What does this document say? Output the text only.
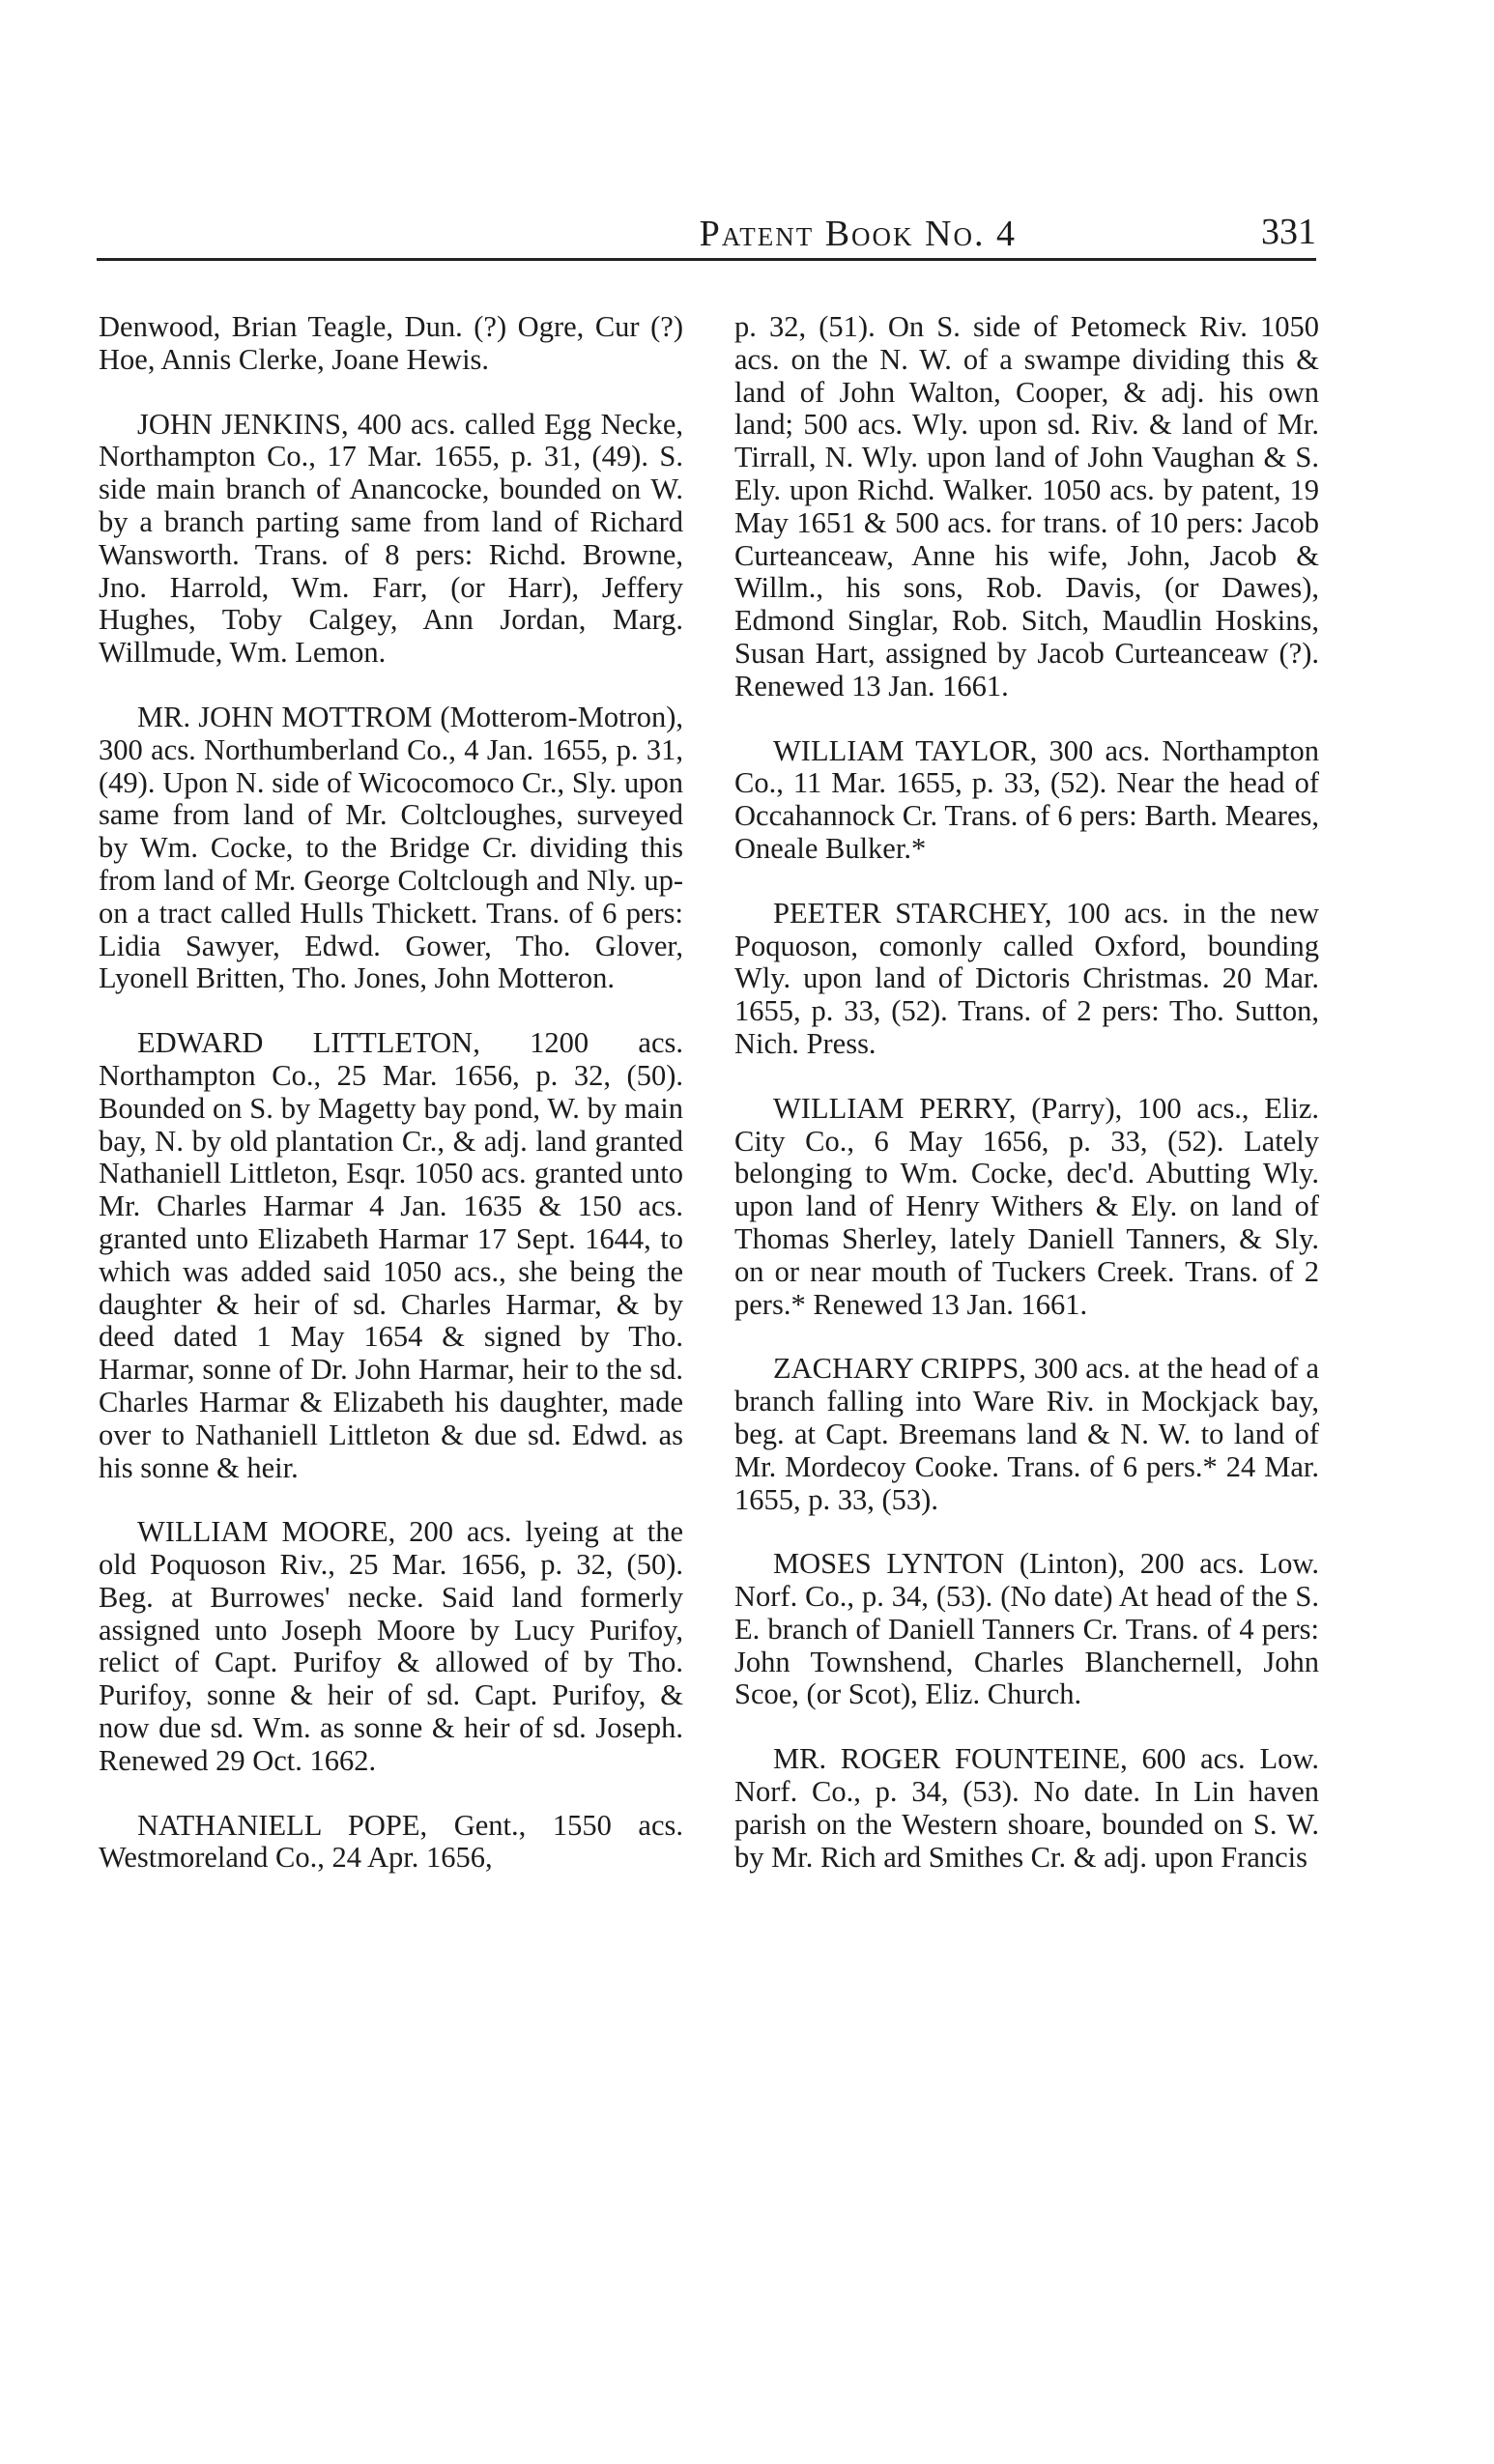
Patent Book No. 4	331

Denwood, Brian Teagle, Dun. (?) Ogre, Cur (?) Hoe, Annis Clerke, Joane Hewis.

JOHN JENKINS, 400 acs. called Egg Necke, Northampton Co., 17 Mar. 1655, p. 31, (49). S. side main branch of Anancocke, bounded on W. by a branch parting same from land of Richard Wansworth. Trans. of 8 pers: Richd. Browne, Jno. Harrold, Wm. Farr, (or Harr), Jeffery Hughes, Toby Calgey, Ann Jordan, Marg. Willmude, Wm. Lemon.

MR. JOHN MOTTROM (Motterom-Motron), 300 acs. Northumberland Co., 4 Jan. 1655, p. 31, (49). Upon N. side of Wicocomoco Cr., Sly. upon same from land of Mr. Coltcloughes, surveyed by Wm. Cocke, to the Bridge Cr. dividing this from land of Mr. George Coltclough and Nly. upon a tract called Hulls Thickett. Trans. of 6 pers: Lidia Sawyer, Edwd. Gower, Tho. Glover, Lyonell Britten, Tho. Jones, John Motteron.

EDWARD LITTLETON, 1200 acs. Northampton Co., 25 Mar. 1656, p. 32, (50). Bounded on S. by Magetty bay pond, W. by main bay, N. by old plantation Cr., & adj. land granted Nathaniell Littleton, Esqr. 1050 acs. granted unto Mr. Charles Harmar 4 Jan. 1635 & 150 acs. granted unto Elizabeth Harmar 17 Sept. 1644, to which was added said 1050 acs., she being the daughter & heir of sd. Charles Harmar, & by deed dated 1 May 1654 & signed by Tho. Harmar, sonne of Dr. John Harmar, heir to the sd. Charles Harmar & Elizabeth his daughter, made over to Nathaniell Littleton & due sd. Edwd. as his sonne & heir.

WILLIAM MOORE, 200 acs. lyeing at the old Poquoson Riv., 25 Mar. 1656, p. 32, (50). Beg. at Burrowes' necke. Said land formerly assigned unto Joseph Moore by Lucy Purifoy, relict of Capt. Purifoy & allowed of by Tho. Purifoy, sonne & heir of sd. Capt. Purifoy, & now due sd. Wm. as sonne & heir of sd. Joseph. Renewed 29 Oct. 1662.

NATHANIELL POPE, Gent., 1550 acs. Westmoreland Co., 24 Apr. 1656,

p. 32, (51). On S. side of Petomeck Riv. 1050 acs. on the N. W. of a swampe dividing this & land of John Walton, Cooper, & adj. his own land; 500 acs. Wly. upon sd. Riv. & land of Mr. Tirrall, N. Wly. upon land of John Vaughan & S. Ely. upon Richd. Walker. 1050 acs. by patent, 19 May 1651 & 500 acs. for trans. of 10 pers: Jacob Curteanceaw, Anne his wife, John, Jacob & Willm., his sons, Rob. Davis, (or Dawes), Edmond Singlar, Rob. Sitch, Maudlin Hoskins, Susan Hart, assigned by Jacob Curteanceaw (?). Renewed 13 Jan. 1661.

WILLIAM TAYLOR, 300 acs. Northampton Co., 11 Mar. 1655, p. 33, (52). Near the head of Occahannock Cr. Trans. of 6 pers: Barth. Meares, Oneale Bulker.*

PEETER STARCHEY, 100 acs. in the new Poquoson, comonly called Oxford, bounding Wly. upon land of Dictoris Christmas. 20 Mar. 1655, p. 33, (52). Trans. of 2 pers: Tho. Sutton, Nich. Press.

WILLIAM PERRY, (Parry), 100 acs., Eliz. City Co., 6 May 1656, p. 33, (52). Lately belonging to Wm. Cocke, dec'd. Abutting Wly. upon land of Henry Withers & Ely. on land of Thomas Sherley, lately Daniell Tanners, & Sly. on or near mouth of Tuckers Creek. Trans. of 2 pers.* Renewed 13 Jan. 1661.

ZACHARY CRIPPS, 300 acs. at the head of a branch falling into Ware Riv. in Mockjack bay, beg. at Capt. Breemans land & N. W. to land of Mr. Mordecoy Cooke. Trans. of 6 pers.* 24 Mar. 1655, p. 33, (53).

MOSES LYNTON (Linton), 200 acs. Low. Norf. Co., p. 34, (53). (No date) At head of the S. E. branch of Daniell Tanners Cr. Trans. of 4 pers: John Townshend, Charles Blanchernell, John Scoe, (or Scot), Eliz. Church.

MR. ROGER FOUNTEINE, 600 acs. Low. Norf. Co., p. 34, (53). No date. In Lin haven parish on the Western shoare, bounded on S. W. by Mr. Rich ard Smithes Cr. & adj. upon Francis
